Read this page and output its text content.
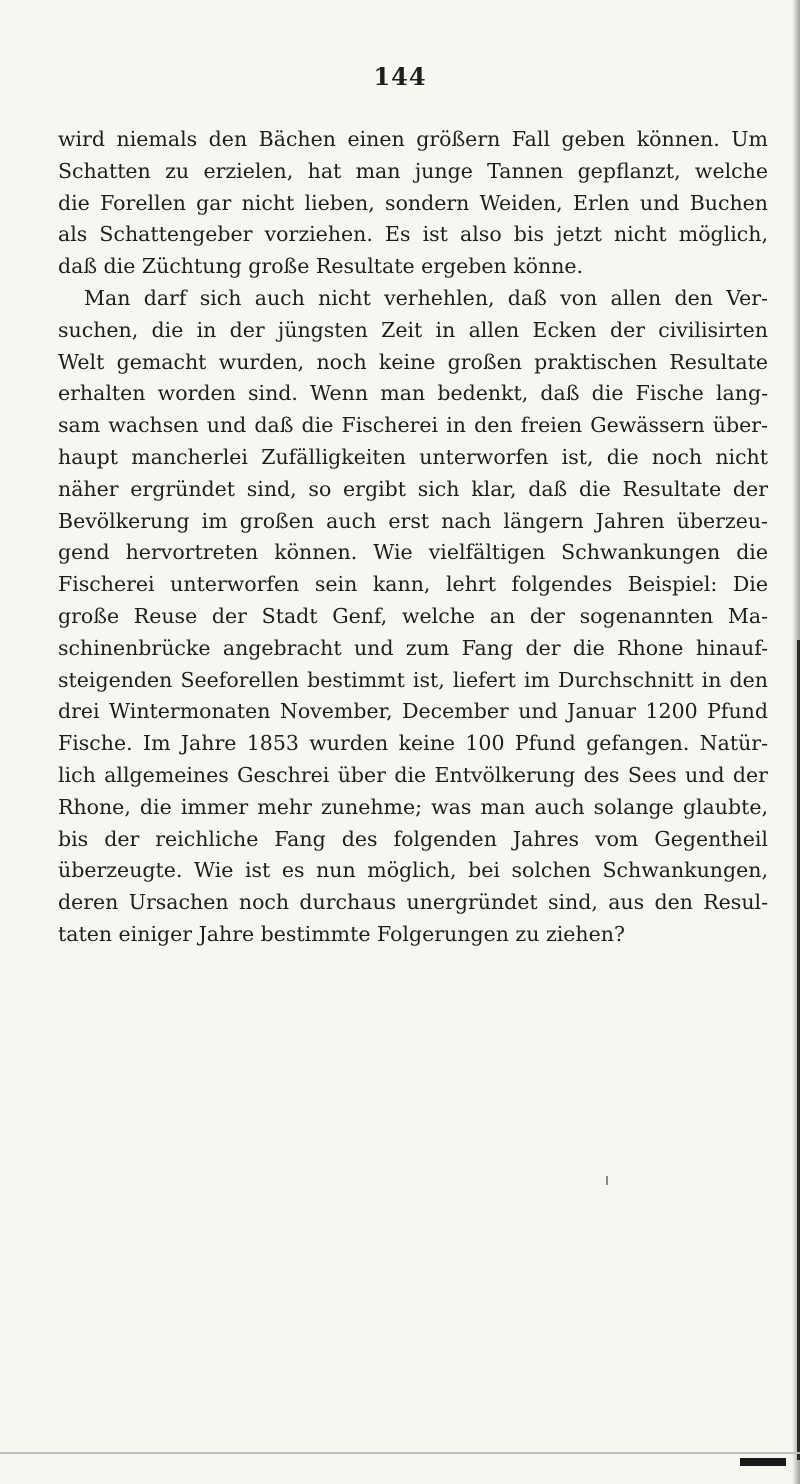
144
wird niemals den Bächen einen größern Fall geben können. Um
Schatten zu erzielen, hat man junge Tannen gepflanzt, welche
die Forellen gar nicht lieben, sondern Weiden, Erlen und Buchen
als Schattengeber vorziehen. Es ist also bis jetzt nicht möglich,
daß die Züchtung große Resultate ergeben könne.
Man darf sich auch nicht verhehlen, daß von allen den Ver-
suchen, die in der jüngsten Zeit in allen Ecken der civilisirten
Welt gemacht wurden, noch keine großen praktischen Resultate
erhalten worden sind. Wenn man bedenkt, daß die Fische lang-
sam wachsen und daß die Fischerei in den freien Gewässern über-
haupt mancherlei Zufälligkeiten unterworfen ist, die noch nicht
näher ergründet sind, so ergibt sich klar, daß die Resultate der
Bevölkerung im großen auch erst nach längern Jahren überzeu-
gend hervortreten können. Wie vielfältigen Schwankungen die
Fischerei unterworfen sein kann, lehrt folgendes Beispiel: Die
große Reuse der Stadt Genf, welche an der sogenannten Ma-
schinenbrücke angebracht und zum Fang der die Rhone hinauf-
steigenden Seeforellen bestimmt ist, liefert im Durchschnitt in den
drei Wintermonaten November, December und Januar 1200 Pfund
Fische. Im Jahre 1853 wurden keine 100 Pfund gefangen. Natür-
lich allgemeines Geschrei über die Entvölkerung des Sees und der
Rhone, die immer mehr zunehme; was man auch solange glaubte,
bis der reichliche Fang des folgenden Jahres vom Gegentheil
überzeugte. Wie ist es nun möglich, bei solchen Schwankungen,
deren Ursachen noch durchaus unergründet sind, aus den Resul-
taten einiger Jahre bestimmte Folgerungen zu ziehen?
